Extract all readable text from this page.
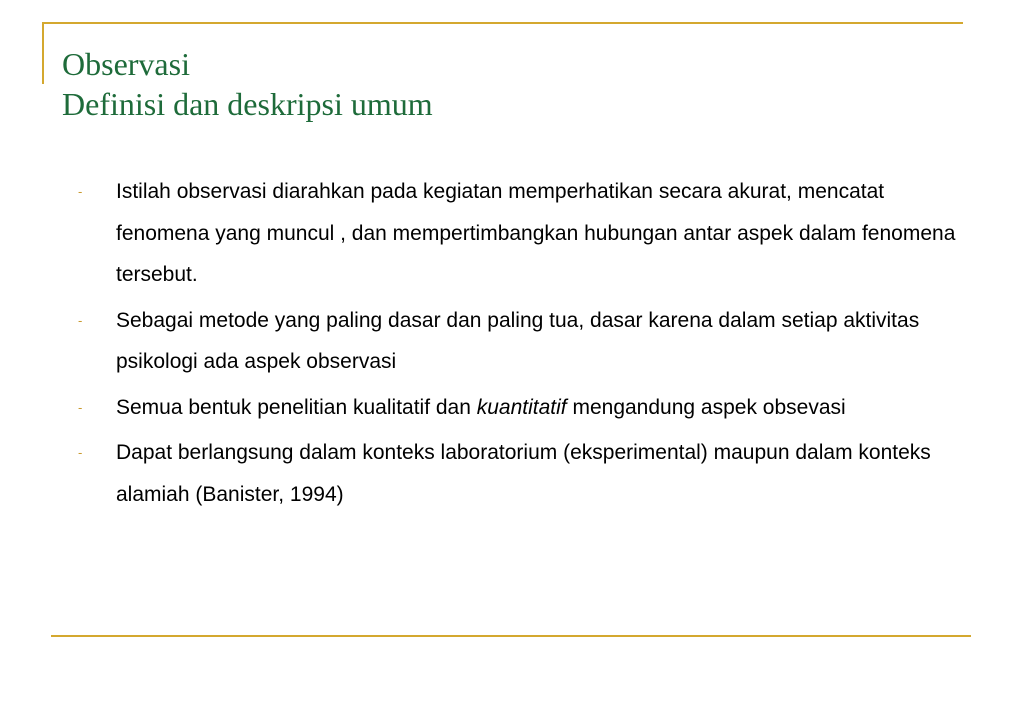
Observasi
Definisi dan deskripsi umum
- Istilah observasi diarahkan pada kegiatan memperhatikan secara akurat, mencatat fenomena yang muncul , dan mempertimbangkan hubungan antar aspek dalam fenomena tersebut.
- Sebagai metode yang paling dasar dan paling tua, dasar karena dalam setiap aktivitas psikologi ada aspek observasi
- Semua bentuk penelitian kualitatif dan kuantitatif mengandung aspek obsevasi
- Dapat berlangsung dalam konteks laboratorium (eksperimental) maupun dalam konteks alamiah (Banister, 1994)
